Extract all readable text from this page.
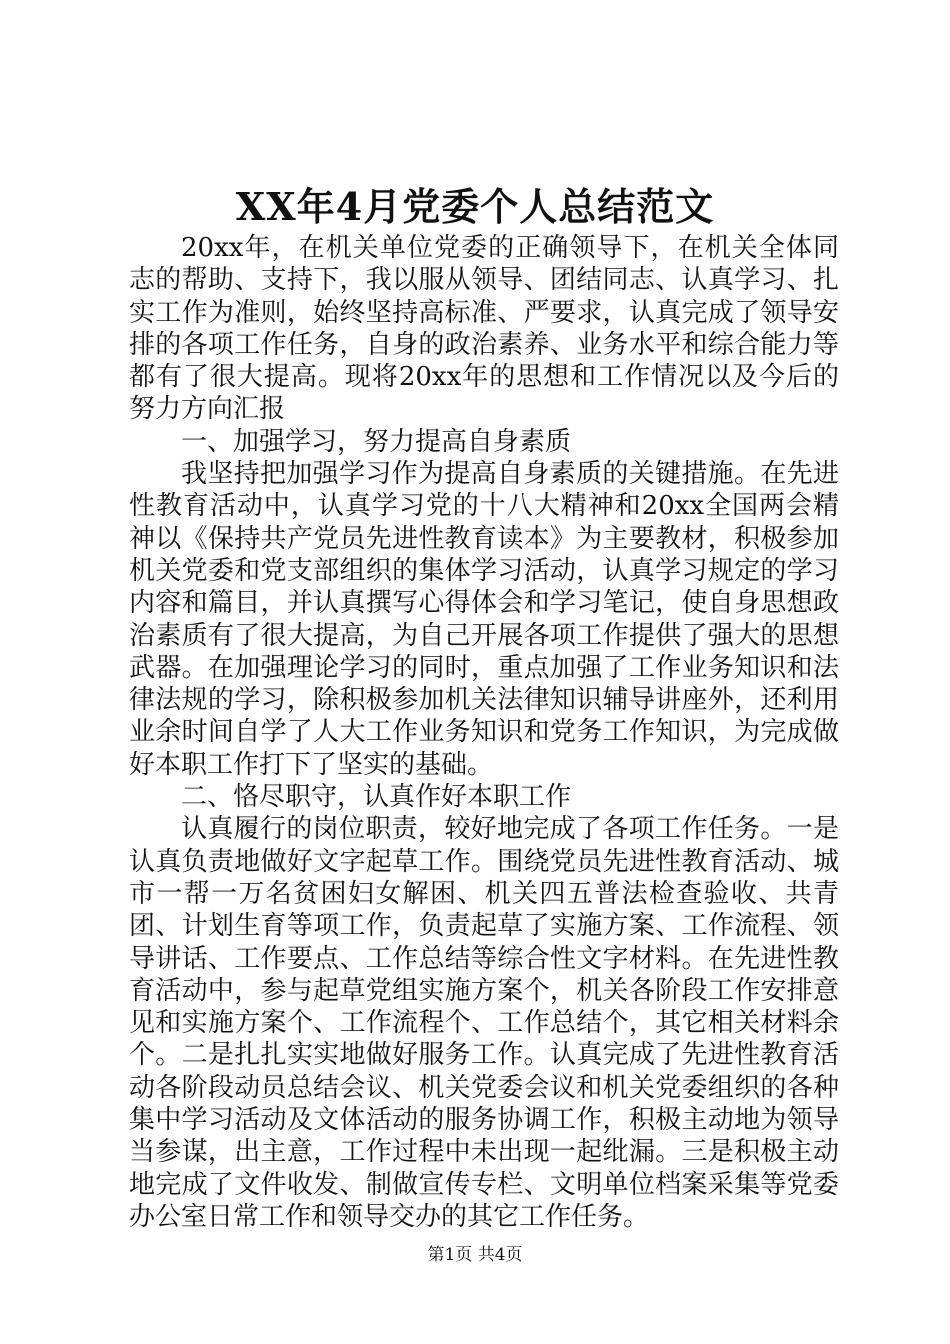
XX年4月党委个人总结范文

20xx年，在机关单位党委的正确领导下，在机关全体同志的帮助、支持下，我以服从领导、团结同志、认真学习、扎实工作为准则，始终坚持高标准、严要求，认真完成了领导安排的各项工作任务，自身的政治素养、业务水平和综合能力等都有了很大提高。现将20xx年的思想和工作情况以及今后的努力方向汇报

一、加强学习，努力提高自身素质

我坚持把加强学习作为提高自身素质的关键措施。在先进性教育活动中，认真学习党的十八大精神和20xx全国两会精神以《保持共产党员先进性教育读本》为主要教材，积极参加机关党委和党支部组织的集体学习活动，认真学习规定的学习内容和篇目，并认真撰写心得体会和学习笔记，使自身思想政治素质有了很大提高，为自己开展各项工作提供了强大的思想武器。在加强理论学习的同时，重点加强了工作业务知识和法律法规的学习，除积极参加机关法律知识辅导讲座外，还利用业余时间自学了人大工作业务知识和党务工作知识，为完成做好本职工作打下了坚实的基础。

二、恪尽职守，认真作好本职工作

认真履行的岗位职责，较好地完成了各项工作任务。一是认真负责地做好文字起草工作。围绕党员先进性教育活动、城市一帮一万名贫困妇女解困、机关四五普法检查验收、共青团、计划生育等项工作，负责起草了实施方案、工作流程、领导讲话、工作要点、工作总结等综合性文字材料。在先进性教育活动中，参与起草党组实施方案个，机关各阶段工作安排意见和实施方案个、工作流程个、工作总结个，其它相关材料余个。二是扎扎实实地做好服务工作。认真完成了先进性教育活动各阶段动员总结会议、机关党委会议和机关党委组织的各种集中学习活动及文体活动的服务协调工作，积极主动地为领导当参谋，出主意，工作过程中未出现一起纰漏。三是积极主动地完成了文件收发、制做宣传专栏、文明单位档案采集等党委办公室日常工作和领导交办的其它工作任务。

第1页 共4页
